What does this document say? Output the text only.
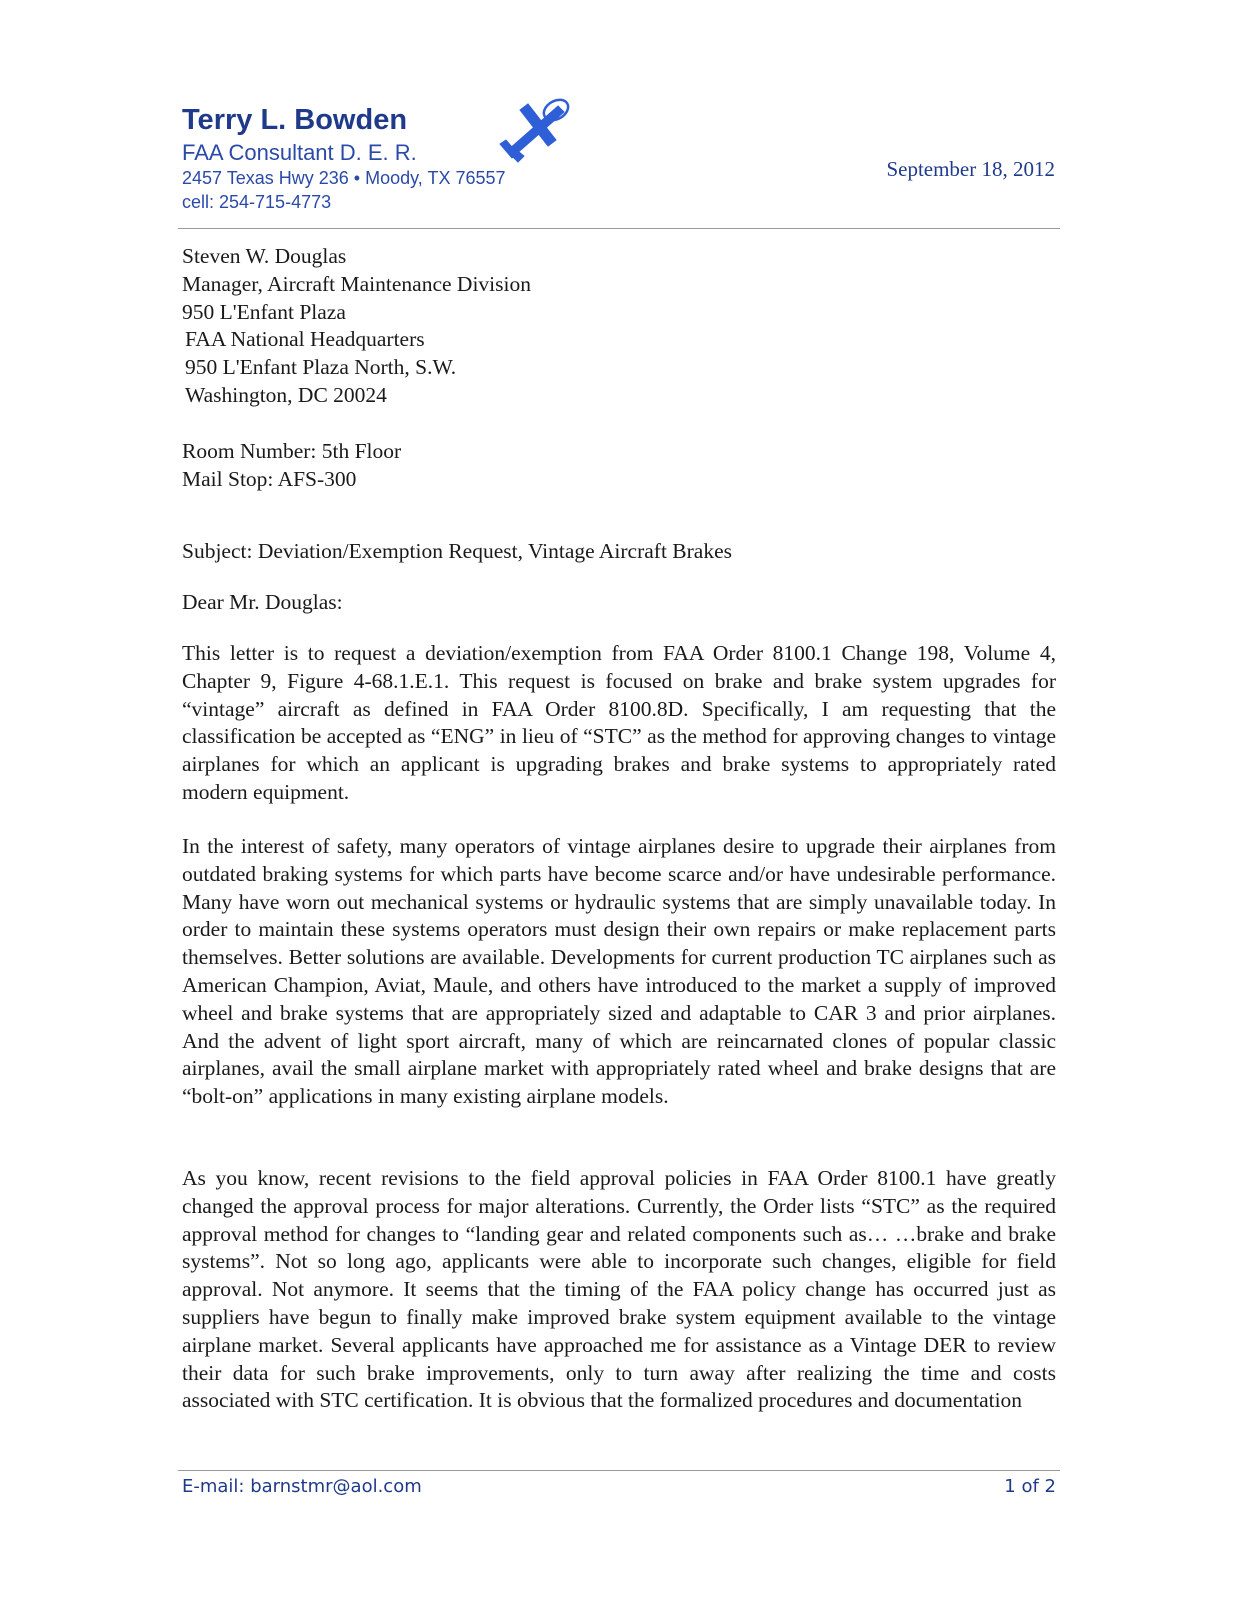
Terry L. Bowden
FAA Consultant D. E. R.
2457 Texas Hwy 236 • Moody, TX 76557
cell: 254-715-4773
September 18, 2012
Steven W. Douglas
Manager, Aircraft Maintenance Division
950 L'Enfant Plaza
FAA National Headquarters
950 L'Enfant Plaza North, S.W.
Washington, DC 20024
Room Number: 5th Floor
Mail Stop: AFS-300
Subject: Deviation/Exemption Request, Vintage Aircraft Brakes
Dear Mr. Douglas:

This letter is to request a deviation/exemption from FAA Order 8100.1 Change 198, Volume 4, Chapter 9, Figure 4-68.1.E.1. This request is focused on brake and brake system upgrades for “vintage” aircraft as defined in FAA Order 8100.8D. Specifically, I am requesting that the classification be accepted as “ENG” in lieu of “STC” as the method for approving changes to vintage airplanes for which an applicant is upgrading brakes and brake systems to appropriately rated modern equipment.

In the interest of safety, many operators of vintage airplanes desire to upgrade their airplanes from outdated braking systems for which parts have become scarce and/or have undesirable performance. Many have worn out mechanical systems or hydraulic systems that are simply unavailable today. In order to maintain these systems operators must design their own repairs or make replacement parts themselves. Better solutions are available. Developments for current production TC airplanes such as American Champion, Aviat, Maule, and others have introduced to the market a supply of improved wheel and brake systems that are appropriately sized and adaptable to CAR 3 and prior airplanes. And the advent of light sport aircraft, many of which are reincarnated clones of popular classic airplanes, avail the small airplane market with appropriately rated wheel and brake designs that are “bolt-on” applications in many existing airplane models.

As you know, recent revisions to the field approval policies in FAA Order 8100.1 have greatly changed the approval process for major alterations. Currently, the Order lists “STC” as the required approval method for changes to “landing gear and related components such as… …brake and brake systems”. Not so long ago, applicants were able to incorporate such changes, eligible for field approval. Not anymore. It seems that the timing of the FAA policy change has occurred just as suppliers have begun to finally make improved brake system equipment available to the vintage airplane market. Several applicants have approached me for assistance as a Vintage DER to review their data for such brake improvements, only to turn away after realizing the time and costs associated with STC certification. It is obvious that the formalized procedures and documentation

E-mail: barnstmr@aol.com	1 of 2
